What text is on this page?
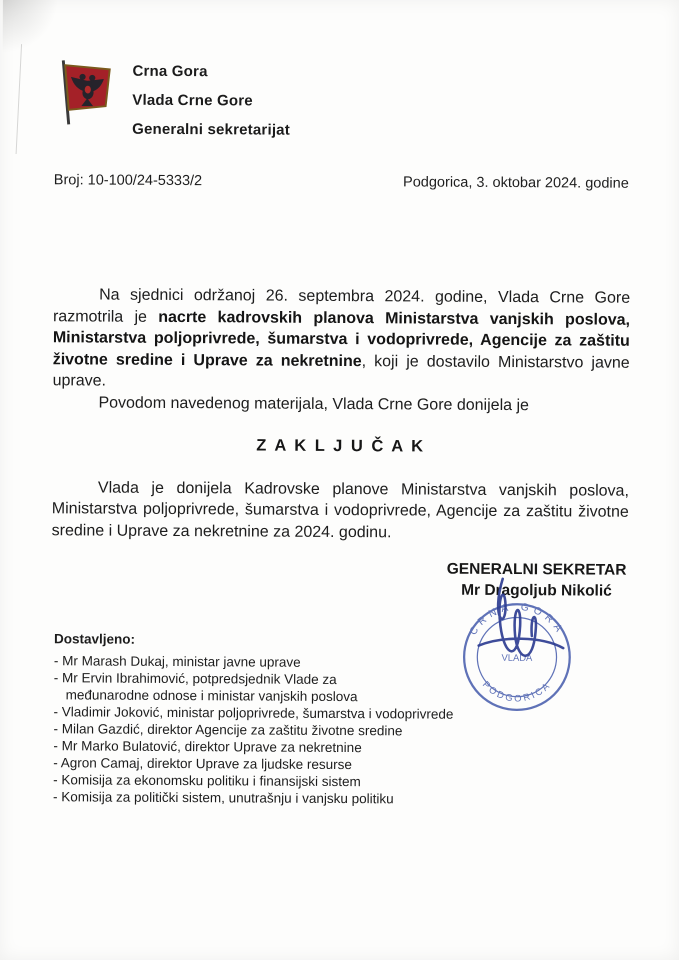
Crna Gora
Vlada Crne Gore
Generalni sekretarijat
Broj: 10-100/24-5333/2	Podgorica, 3. oktobar 2024. godine

Na sjednici održanoj 26. septembra 2024. godine, Vlada Crne Gore razmotrila je nacrte kadrovskih planova Ministarstva vanjskih poslova, Ministarstva poljoprivrede, šumarstva i vodoprivrede, Agencije za zaštitu životne sredine i Uprave za nekretnine, koji je dostavilo Ministarstvo javne uprave.

Povodom navedenog materijala, Vlada Crne Gore donijela je

Z A K L J U Č A K

Vlada je donijela Kadrovske planove Ministarstva vanjskih poslova, Ministarstva poljoprivrede, šumarstva i vodoprivrede, Agencije za zaštitu životne sredine i Uprave za nekretnine za 2024. godinu.

GENERALNI SEKRETAR
Mr Dragoljub Nikolić
CRNA GORA
PODGORICA
VLADA
Dostavljeno:
- Mr Marash Dukaj, ministar javne uprave
- Mr Ervin Ibrahimović, potpredsjednik Vlade za
međunarodne odnose i ministar vanjskih poslova
- Vladimir Joković, ministar poljoprivrede, šumarstva i vodoprivrede
- Milan Gazdić, direktor Agencije za zaštitu životne sredine
- Mr Marko Bulatović, direktor Uprave za nekretnine
- Agron Camaj, direktor Uprave za ljudske resurse
- Komisija za ekonomsku politiku i finansijski sistem
- Komisija za politički sistem, unutrašnju i vanjsku politiku
